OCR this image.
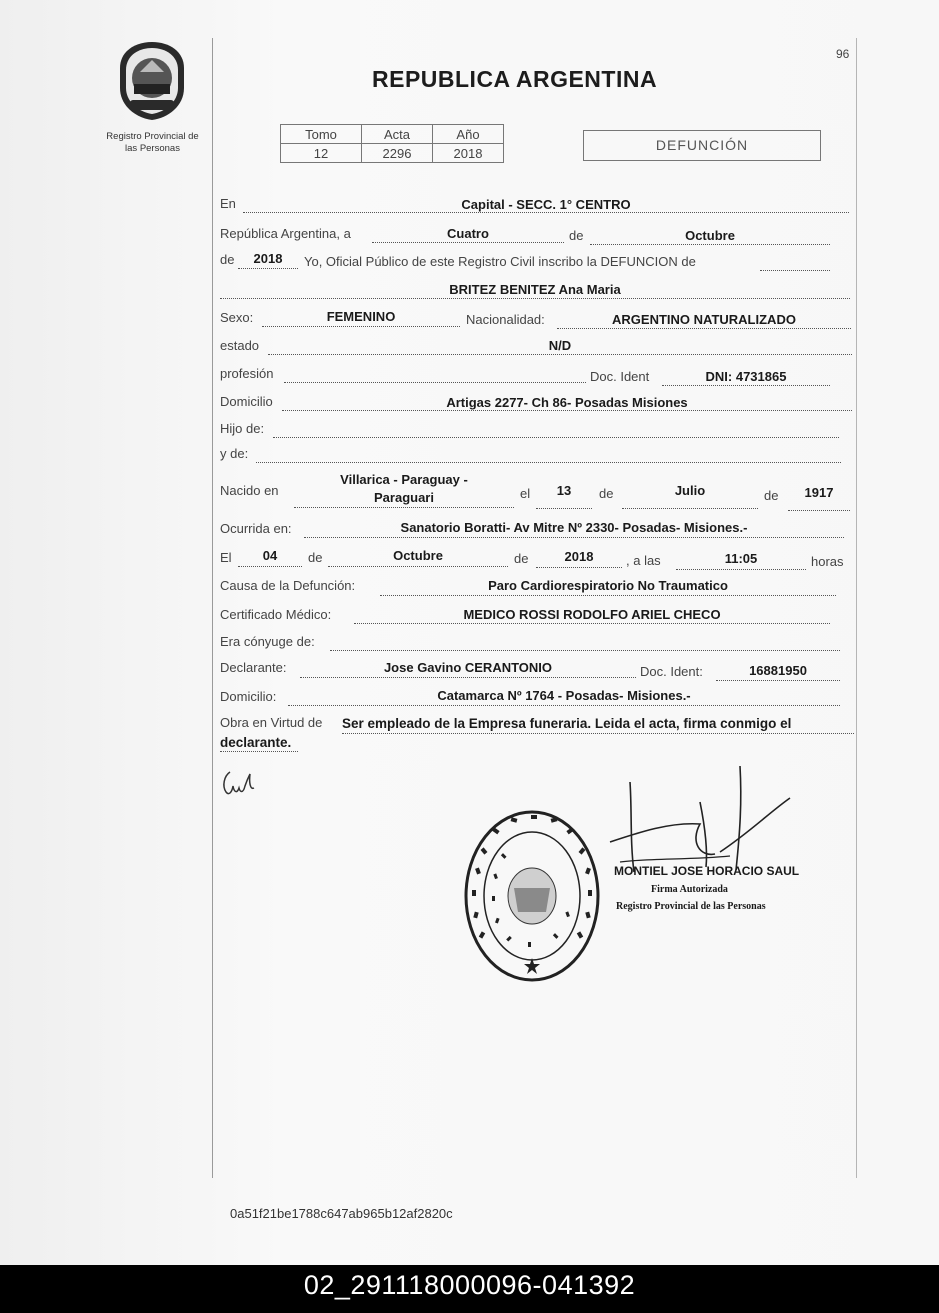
Registro Provincial de
las Personas
96
REPUBLICA ARGENTINA
Tomo	Acta	Año
12	2296	2018	DEFUNCIÓN
En	Capital - SECC. 1° CENTRO
República Argentina, a	Cuatro	de	Octubre
de	2018	Yo, Oficial Público de este Registro Civil inscribo la DEFUNCION de
BRITEZ BENITEZ Ana Maria
Sexo:	FEMENINO	Nacionalidad:	ARGENTINO NATURALIZADO
estado	N/D
profesión	Doc. Ident	DNI: 4731865
Domicilio	Artigas 2277- Ch 86- Posadas Misiones
Hijo de:
y de:
Nacido en
Villarica - Paraguay -
Paraguari	el	13	de	Julio	de	1917
Ocurrida en:	Sanatorio Boratti- Av Mitre Nº 2330- Posadas- Misiones.-
El	04	de	Octubre	de	2018	, a las	11:05	horas
Causa de la Defunción:	Paro Cardiorespiratorio No Traumatico
Certificado Médico:	MEDICO ROSSI RODOLFO ARIEL CHECO
Era cónyuge de:
Declarante:	Jose Gavino CERANTONIO	Doc. Ident:	16881950
Domicilio:	Catamarca Nº 1764 - Posadas- Misiones.-
Obra en Virtud de Ser empleado de la Empresa funeraria. Leida el acta, firma conmigo el
declarante.
MONTIEL JOSE HORACIO SAUL
Firma Autorizada
Registro Provincial de las Personas
0a51f21be1788c647ab965b12af2820c
02_291118000096-041392
